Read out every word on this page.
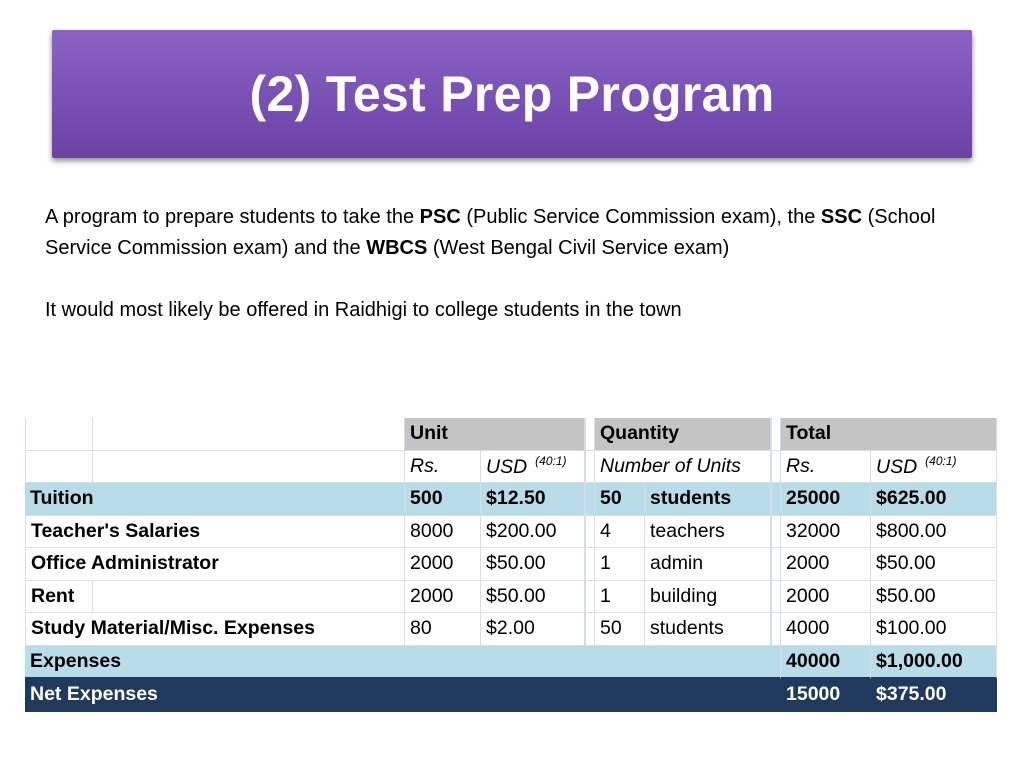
(2) Test Prep Program

A program to prepare students to take the PSC (Public Service Commission exam), the SSC (School Service Commission exam) and the WBCS (West Bengal Civil Service exam)

It would most likely be offered in Raidhigi to college students in the town

		Unit			Quantity			Total	
		Rs.	USD $^{(40:1)}$		Number of Units			Rs.	USD $^{(40:1)}$
Tuition		500	$12.50		50	students		25000	$625.00
Teacher's Salaries		8000	$200.00		4	teachers		32000	$800.00
Office Administrator		2000	$50.00		1	admin		2000	$50.00
Rent		2000	$50.00		1	building		2000	$50.00
Study Material/Misc. Expenses		80	$2.00		50	students		4000	$100.00
Expenses								40000	$1,000.00
Net Expenses								15000	$375.00
